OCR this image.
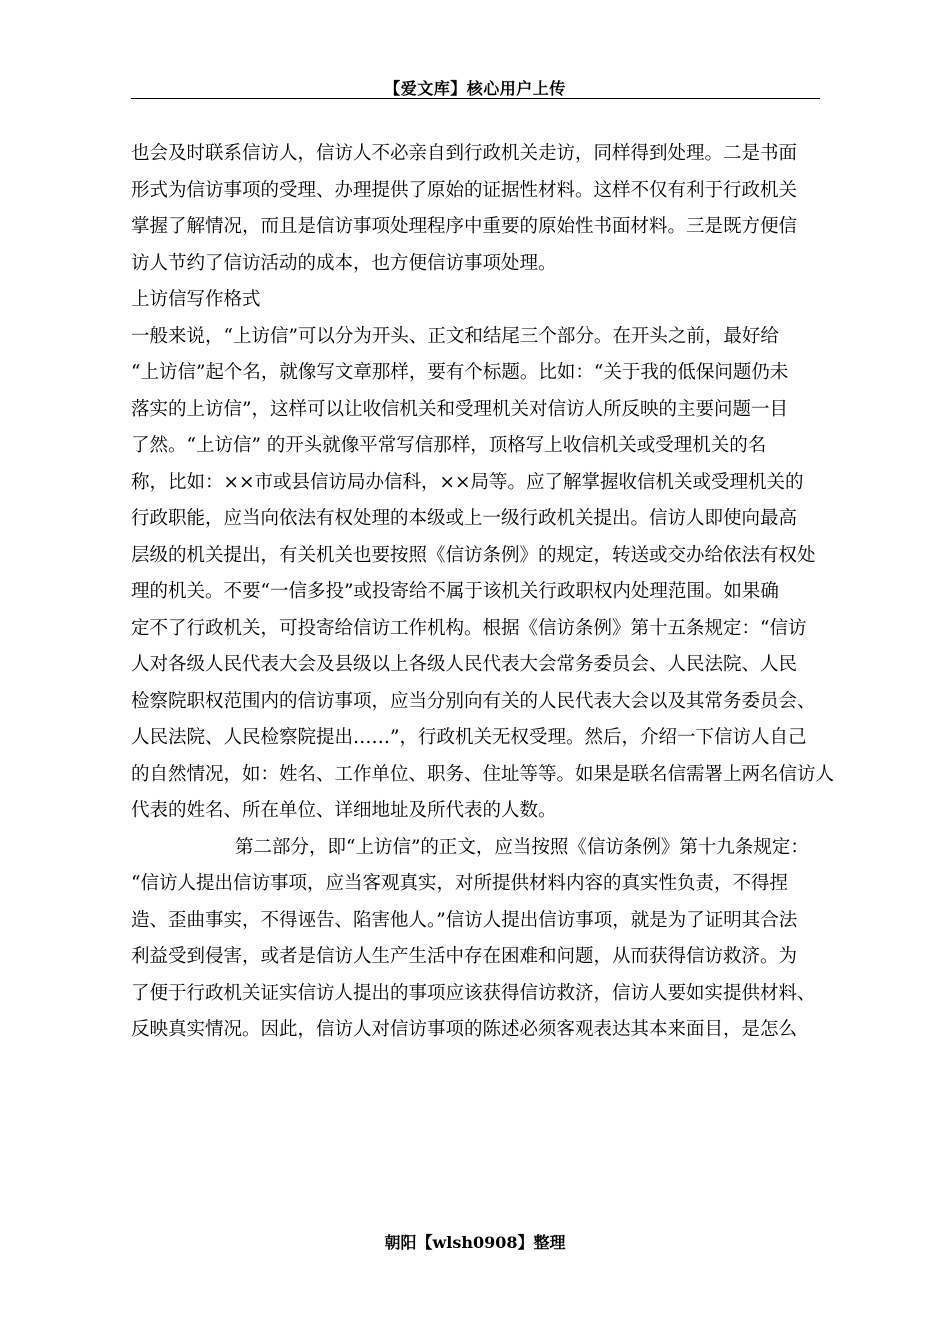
【爱文库】核心用户上传
也会及时联系信访人，信访人不必亲自到行政机关走访，同样得到处理。二是书面
形式为信访事项的受理、办理提供了原始的证据性材料。这样不仅有利于行政机关
掌握了解情况，而且是信访事项处理程序中重要的原始性书面材料。三是既方便信
访人节约了信访活动的成本，也方便信访事项处理。
上访信写作格式
一般来说，“上访信”可以分为开头、正文和结尾三个部分。在开头之前，最好给
“上访信”起个名，就像写文章那样，要有个标题。比如：“关于我的低保问题仍未
落实的上访信”，这样可以让收信机关和受理机关对信访人所反映的主要问题一目
了然。“上访信” 的开头就像平常写信那样，顶格写上收信机关或受理机关的名
称，比如：××市或县信访局办信科，××局等。应了解掌握收信机关或受理机关的
行政职能，应当向依法有权处理的本级或上一级行政机关提出。信访人即使向最高
层级的机关提出，有关机关也要按照《信访条例》的规定，转送或交办给依法有权处
理的机关。不要“一信多投”或投寄给不属于该机关行政职权内处理范围。如果确
定不了行政机关，可投寄给信访工作机构。根据《信访条例》第十五条规定：“信访
人对各级人民代表大会及县级以上各级人民代表大会常务委员会、人民法院、人民
检察院职权范围内的信访事项，应当分别向有关的人民代表大会以及其常务委员会、
人民法院、人民检察院提出……”，行政机关无权受理。然后，介绍一下信访人自己
的自然情况，如：姓名、工作单位、职务、住址等等。如果是联名信需署上两名信访人
代表的姓名、所在单位、详细地址及所代表的人数。
第二部分，即“上访信”的正文，应当按照《信访条例》第十九条规定：
“信访人提出信访事项，应当客观真实，对所提供材料内容的真实性负责，不得捏
造、歪曲事实，不得诬告、陷害他人。”信访人提出信访事项，就是为了证明其合法
利益受到侵害，或者是信访人生产生活中存在困难和问题，从而获得信访救济。为
了便于行政机关证实信访人提出的事项应该获得信访救济，信访人要如实提供材料、
反映真实情况。因此，信访人对信访事项的陈述必须客观表达其本来面目，是怎么
朝阳【wlsh0908】整理
